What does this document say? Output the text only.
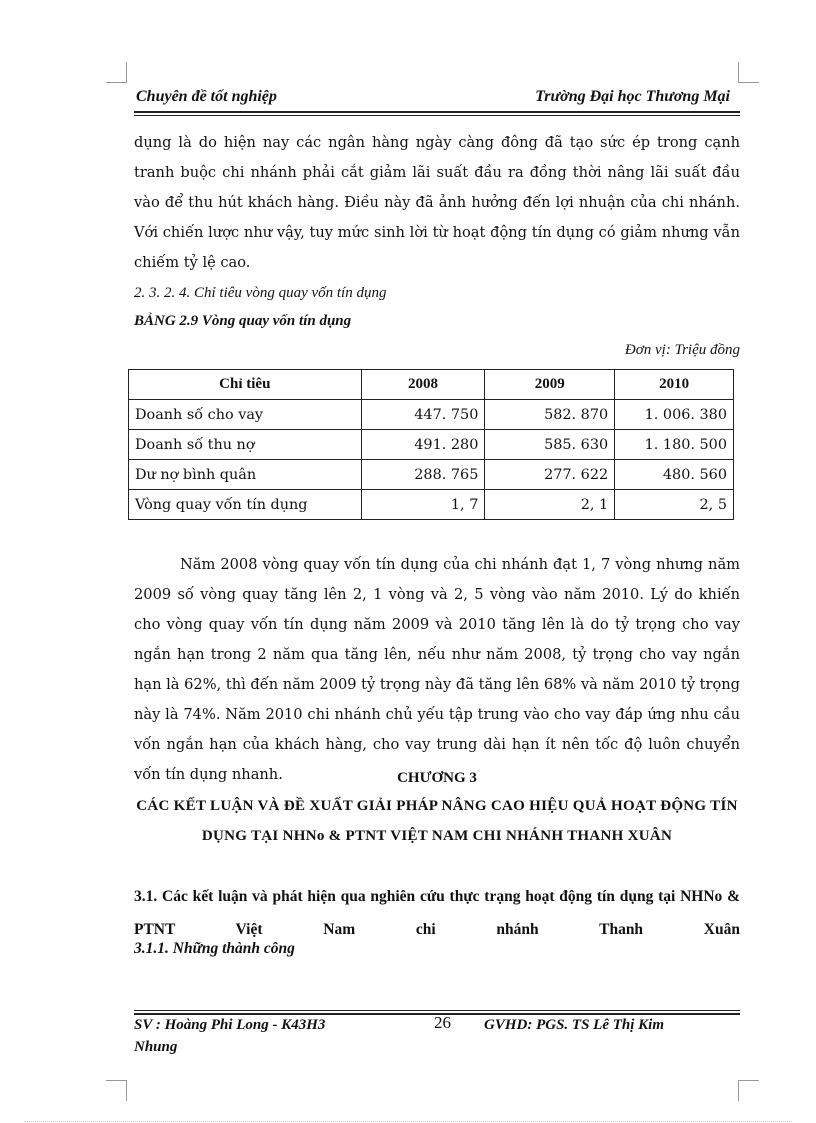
Chuyên đề tốt nghiệp	Trường Đại học Thương Mại
dụng là do hiện nay các ngân hàng ngày càng đông đã tạo sức ép trong cạnh tranh buộc chi nhánh phải cắt giảm lãi suất đầu ra đồng thời nâng lãi suất đầu vào để thu hút khách hàng. Điều này đã ảnh hưởng đến lợi nhuận của chi nhánh. Với chiến lược như vậy, tuy mức sinh lời từ hoạt động tín dụng có giảm nhưng vẫn chiếm tỷ lệ cao.
2. 3. 2. 4. Chỉ tiêu vòng quay vốn tín dụng
BẢNG 2.9 Vòng quay vốn tín dụng
Đơn vị: Triệu đồng
Chỉ tiêu	2008	2009	2010
Doanh số cho vay	447. 750	582. 870	1. 006. 380
Doanh số thu nợ	491. 280	585. 630	1. 180. 500
Dư nợ bình quân	288. 765	277. 622	480. 560
Vòng quay vốn tín dụng	1, 7	2, 1	2, 5
Năm 2008 vòng quay vốn tín dụng của chi nhánh đạt 1, 7 vòng nhưng năm 2009 số vòng quay tăng lên 2, 1 vòng và 2, 5 vòng vào năm 2010. Lý do khiến cho vòng quay vốn tín dụng năm 2009 và 2010 tăng lên là do tỷ trọng cho vay ngắn hạn trong 2 năm qua tăng lên, nếu như năm 2008, tỷ trọng cho vay ngắn hạn là 62%, thì đến năm 2009 tỷ trọng này đã tăng lên 68% và năm 2010 tỷ trọng này là 74%. Năm 2010 chi nhánh chủ yếu tập trung vào cho vay đáp ứng nhu cầu vốn ngắn hạn của khách hàng, cho vay trung dài hạn ít nên tốc độ luôn chuyển vốn tín dụng nhanh.	CHƯƠNG 3
CÁC KẾT LUẬN VÀ ĐỀ XUẤT GIẢI PHÁP NÂNG CAO HIỆU QUẢ HOẠT ĐỘNG TÍN DỤNG TẠI NHNo & PTNT VIỆT NAM CHI NHÁNH THANH XUÂN
3.1. Các kết luận và phát hiện qua nghiên cứu thực trạng hoạt động tín dụng tại NHNo & PTNT Việt Nam chi nhánh Thanh Xuân
3.1.1. Những thành công
SV : Hoàng Phi Long - K43H3	26 GVHD: PGS. TS Lê Thị Kim
Nhung
